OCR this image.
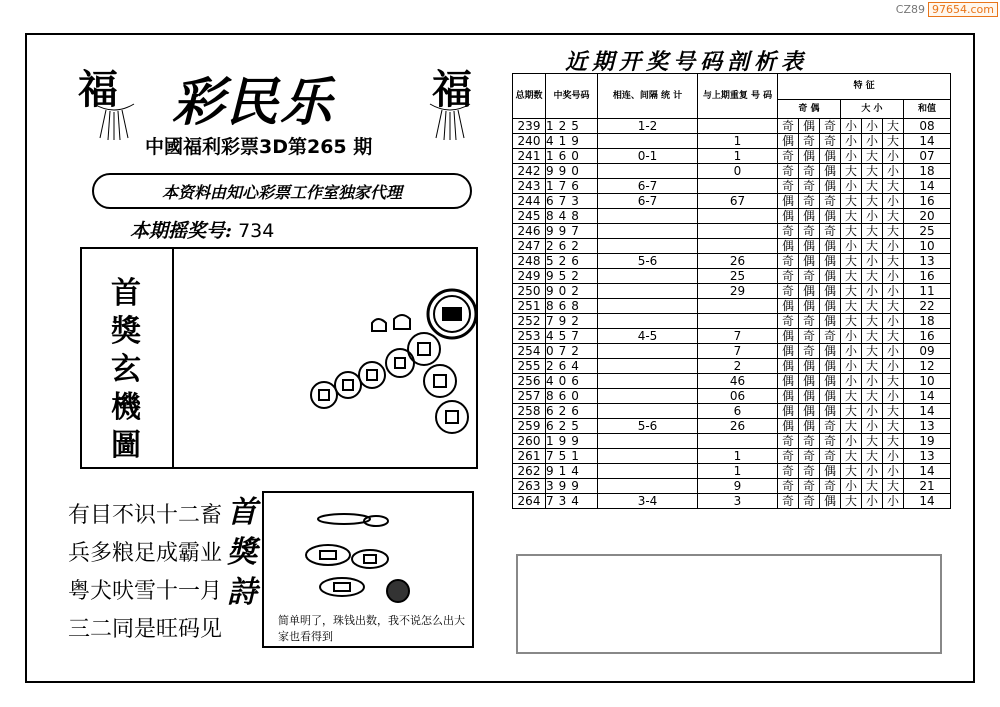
CZ89 97654.com
福	福
彩民乐
中國福利彩票3D第265 期
本资料由知心彩票工作室独家代理
本期摇奖号: 734
首
獎
玄
機
圖
有目不识十二畜
兵多粮足成霸业
粤犬吠雪十一月
三二同是旺码见
首
獎
詩
简单明了，珠钱出数，我不说怎么出大家也看得到
近期开奖号码剖析表
总期数	中奖号码	相连、间隔 统 计	与上期重复 号 码	特 征						
				奇 偶			大 小			和值
239	125	1-2		奇	偶	奇	小	小	大	08
240	419		1	偶	奇	奇	小	小	大	14
241	160	0-1	1	奇	偶	偶	小	大	小	07
242	990		0	奇	奇	偶	大	大	小	18
243	176	6-7		奇	奇	偶	小	大	大	14
244	673	6-7	67	偶	奇	奇	大	大	小	16
245	848			偶	偶	偶	大	小	大	20
246	997			奇	奇	奇	大	大	大	25
247	262			偶	偶	偶	小	大	小	10
248	526	5-6	26	奇	偶	偶	大	小	大	13
249	952		25	奇	奇	偶	大	大	小	16
250	902		29	奇	偶	偶	大	小	小	11
251	868			偶	偶	偶	大	大	大	22
252	792			奇	奇	偶	大	大	小	18
253	457	4-5	7	偶	奇	奇	小	大	大	16
254	072		7	偶	奇	偶	小	大	小	09
255	264		2	偶	偶	偶	小	大	小	12
256	406		46	偶	偶	偶	小	小	大	10
257	860		06	偶	偶	偶	大	大	小	14
258	626		6	偶	偶	偶	大	小	大	14
259	625	5-6	26	偶	偶	奇	大	小	大	13
260	199			奇	奇	奇	小	大	大	19
261	751		1	奇	奇	奇	大	大	小	13
262	914		1	奇	奇	偶	大	小	小	14
263	399		9	奇	奇	奇	小	大	大	21
264	734	3-4	3	奇	奇	偶	大	小	小	14
